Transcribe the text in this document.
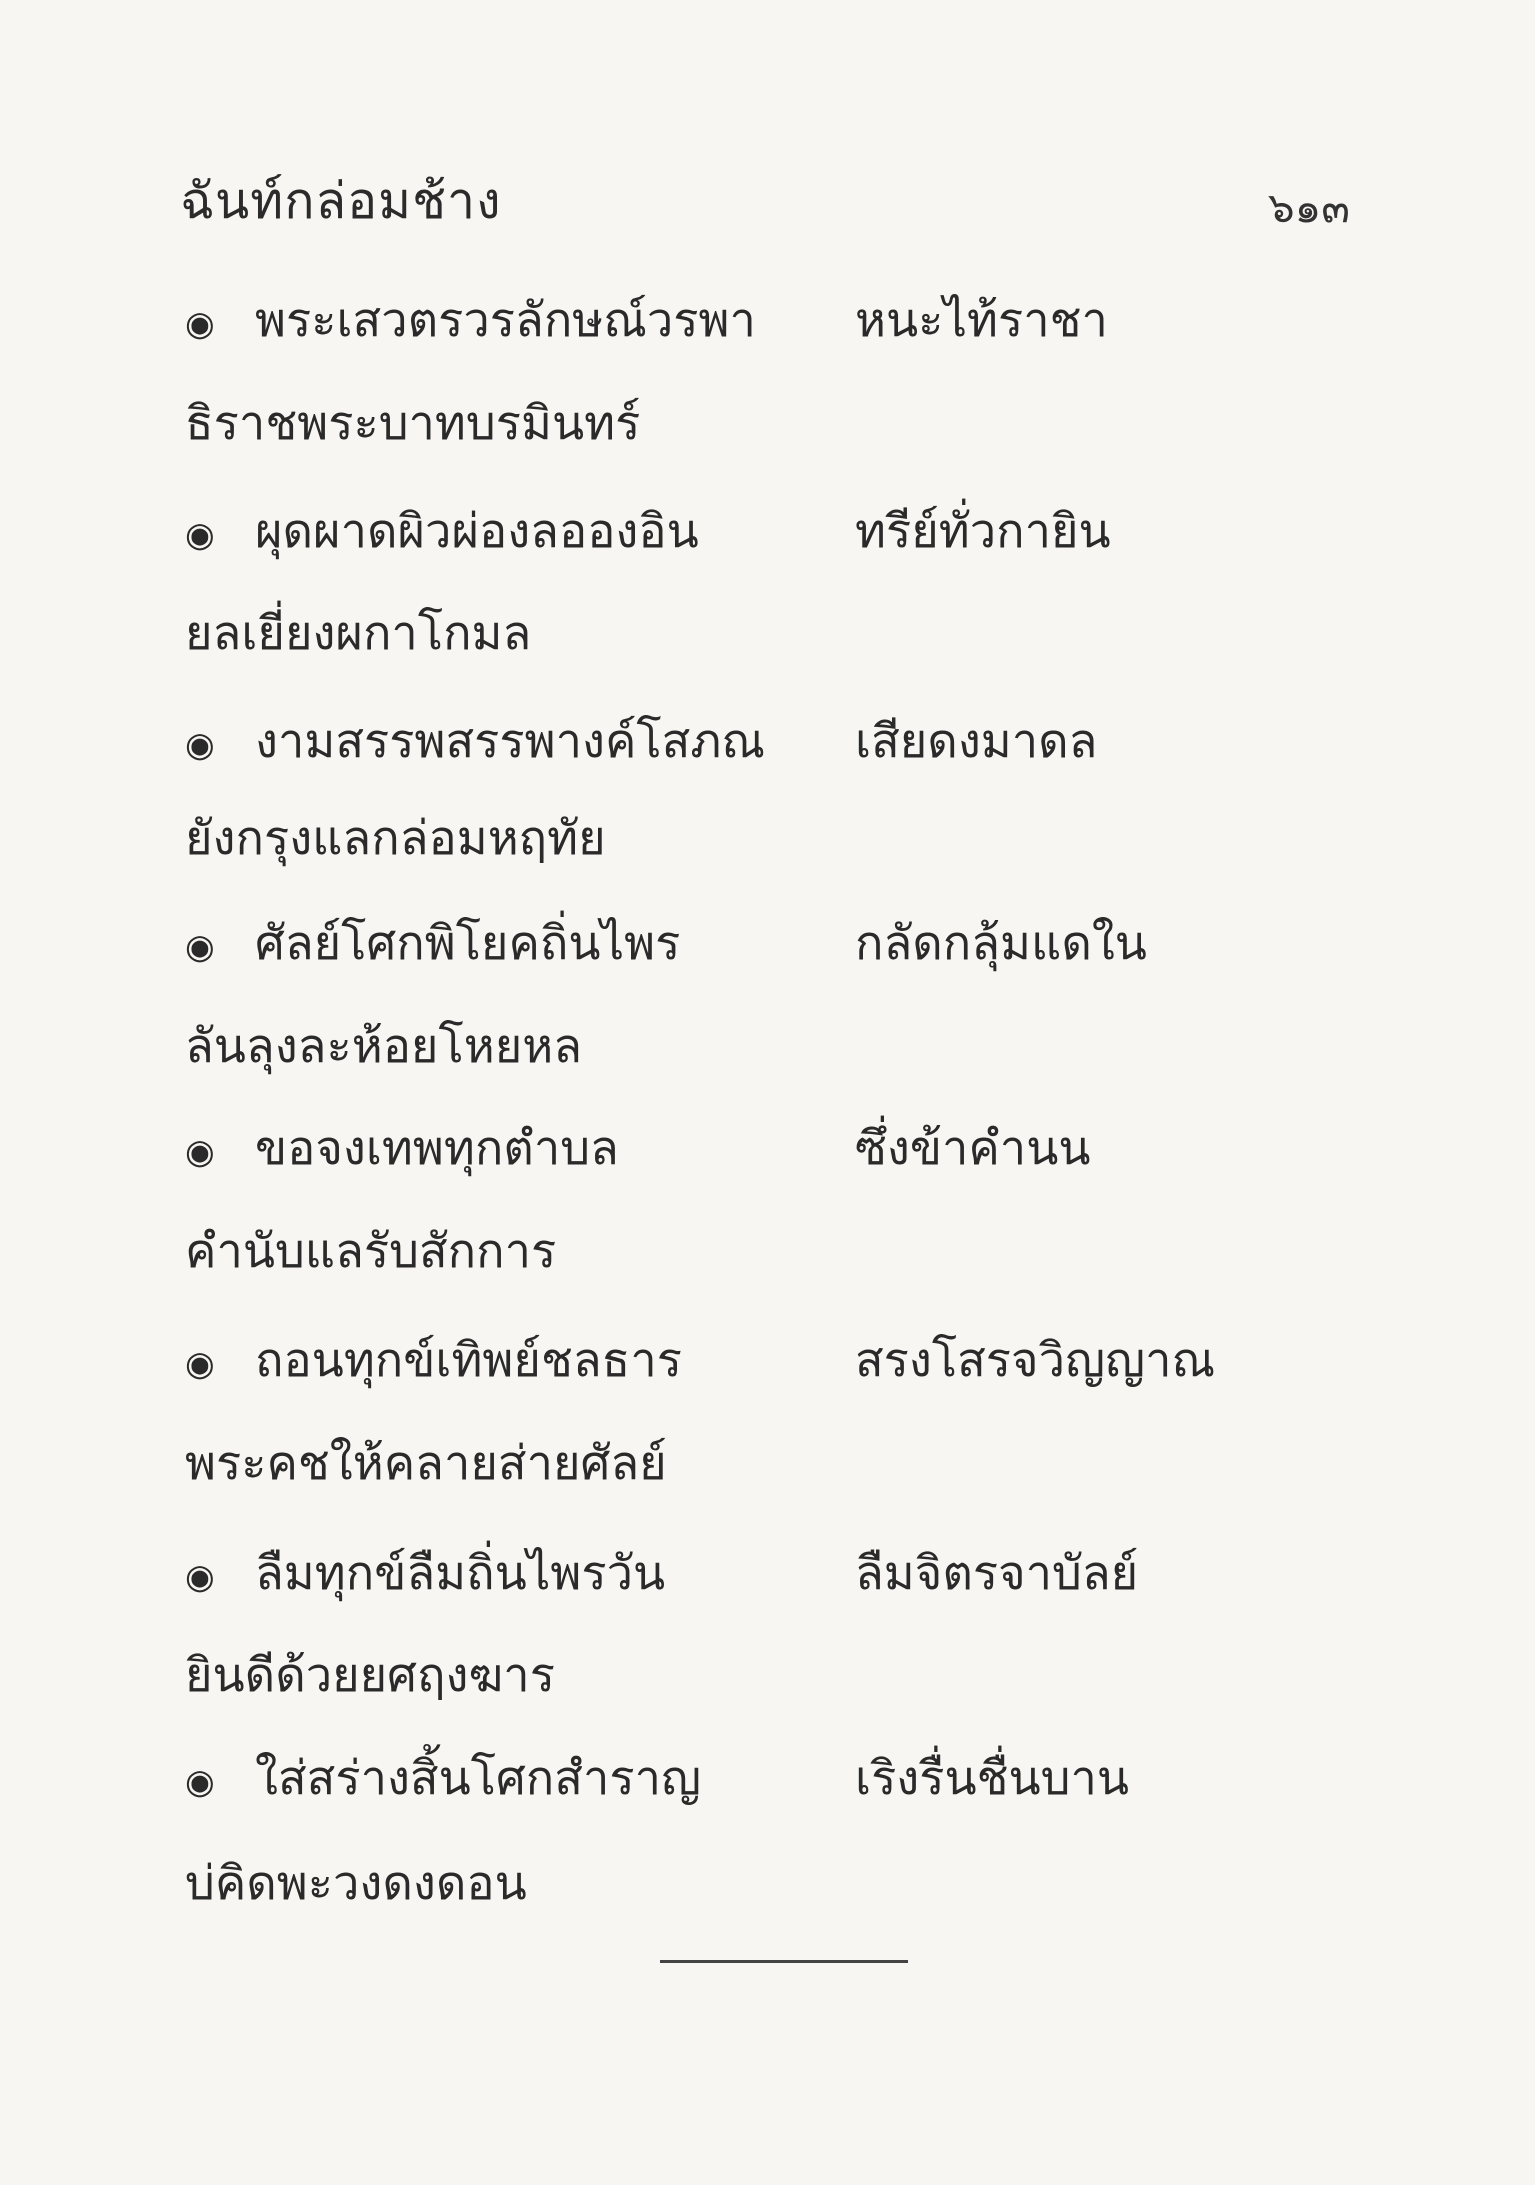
ฉันท์กล่อมช้าง	๖๑๓
◉ พระเสวตรวรลักษณ์วรพา หนะไท้ราชา
ธิราชพระบาทบรมินทร์
◉ ผุดผาดผิวผ่องลอองอิน	ทรีย์ทั่วกายิน
ยลเยี่ยงผกาโกมล
◉ งามสรรพสรรพางค์โสภณ เสียดงมาดล
ยังกรุงแลกล่อมหฤทัย
◉ ศัลย์โศกพิโยคถิ่นไพร	กลัดกลุ้มแดใน
ลันลุงละห้อยโหยหล
◉ ขอจงเทพทุกตำบล	ซึ่งข้าคำนน
คำนับแลรับสักการ
◉ ถอนทุกข์เทิพย์ชลธาร	สรงโสรจวิญญาณ
พระคชให้คลายส่ายศัลย์
◉ ลืมทุกข์ลืมถิ่นไพรวัน	ลืมจิตรจาบัลย์
ยินดีด้วยยศฤงฆาร
◉ ใส่สร่างสิ้นโศกสำราญ	เริงรื่นชื่นบาน
บ่คิดพะวงดงดอน
